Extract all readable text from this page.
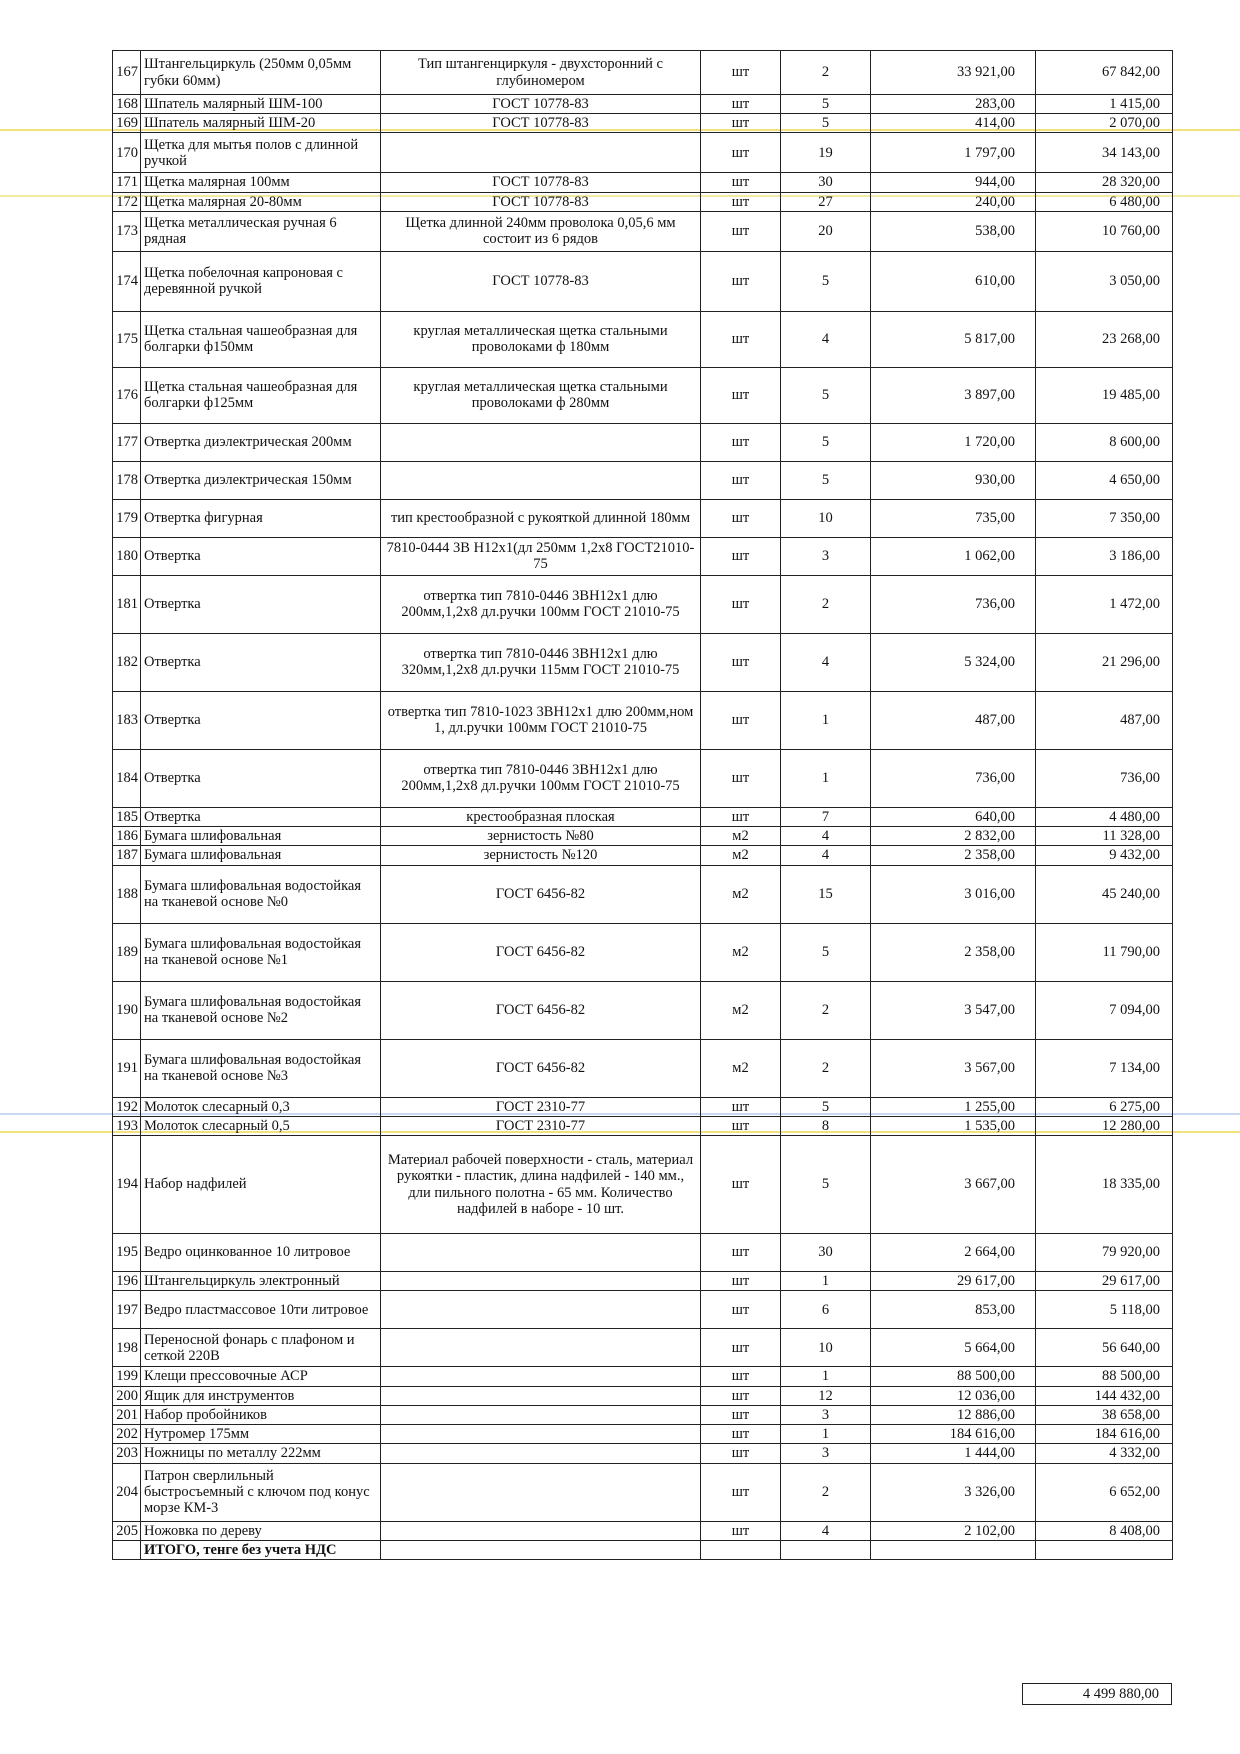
167	Штангельциркуль (250мм 0,05мм губки 60мм)	Тип штангенциркуля - двухсторонний с глубиномером	шт	2	33 921,00	67 842,00
168	Шпатель малярный ШМ-100	ГОСТ 10778-83	шт	5	283,00	1 415,00
169	Шпатель малярный ШМ-20	ГОСТ 10778-83	шт	5	414,00	2 070,00
170	Щетка для мытья полов с длинной ручкой		шт	19	1 797,00	34 143,00
171	Щетка малярная 100мм	ГОСТ 10778-83	шт	30	944,00	28 320,00
172	Щетка малярная 20-80мм	ГОСТ 10778-83	шт	27	240,00	6 480,00
173	Щетка металлическая ручная 6 рядная	Щетка длинной 240мм проволока 0,05,6 мм состоит из 6 рядов	шт	20	538,00	10 760,00
174	Щетка побелочная капроновая с деревянной ручкой	ГОСТ 10778-83	шт	5	610,00	3 050,00
175	Щетка стальная чашеобразная для болгарки ф150мм	круглая металлическая щетка стальными проволоками ф 180мм	шт	4	5 817,00	23 268,00
176	Щетка стальная чашеобразная для болгарки ф125мм	круглая металлическая щетка стальными проволоками ф 280мм	шт	5	3 897,00	19 485,00
177	Отвертка диэлектрическая 200мм		шт	5	1 720,00	8 600,00
178	Отвертка диэлектрическая 150мм		шт	5	930,00	4 650,00
179	Отвертка фигурная	тип крестообразной с рукояткой длинной 180мм	шт	10	735,00	7 350,00
180	Отвертка	7810-0444 3В Н12х1(дл 250мм 1,2х8 ГОСТ21010-75	шт	3	1 062,00	3 186,00
181	Отвертка	отвертка тип 7810-0446 3ВН12х1 длю 200мм,1,2х8 дл.ручки 100мм ГОСТ 21010-75	шт	2	736,00	1 472,00
182	Отвертка	отвертка тип 7810-0446 3ВН12х1 длю 320мм,1,2х8 дл.ручки 115мм ГОСТ 21010-75	шт	4	5 324,00	21 296,00
183	Отвертка	отвертка тип 7810-1023 3ВН12х1 длю 200мм,ном 1, дл.ручки 100мм ГОСТ 21010-75	шт	1	487,00	487,00
184	Отвертка	отвертка тип 7810-0446 3ВН12х1 длю 200мм,1,2х8 дл.ручки 100мм ГОСТ 21010-75	шт	1	736,00	736,00
185	Отвертка	крестообразная плоская	шт	7	640,00	4 480,00
186	Бумага шлифовальная	зернистость №80	м2	4	2 832,00	11 328,00
187	Бумага шлифовальная	зернистость №120	м2	4	2 358,00	9 432,00
188	Бумага шлифовальная водостойкая на тканевой основе №0	ГОСТ 6456-82	м2	15	3 016,00	45 240,00
189	Бумага шлифовальная водостойкая на тканевой основе №1	ГОСТ 6456-82	м2	5	2 358,00	11 790,00
190	Бумага шлифовальная водостойкая на тканевой основе №2	ГОСТ 6456-82	м2	2	3 547,00	7 094,00
191	Бумага шлифовальная водостойкая на тканевой основе №3	ГОСТ 6456-82	м2	2	3 567,00	7 134,00
192	Молоток слесарный 0,3	ГОСТ 2310-77	шт	5	1 255,00	6 275,00
193	Молоток слесарный 0,5	ГОСТ 2310-77	шт	8	1 535,00	12 280,00
194	Набор надфилей	Материал рабочей поверхности - сталь, материал рукоятки - пластик, длина надфилей - 140 мм., дли пильного полотна - 65 мм. Количество надфилей в наборе - 10 шт.	шт	5	3 667,00	18 335,00
195	Ведро оцинкованное 10 литровое		шт	30	2 664,00	79 920,00
196	Штангельциркуль электронный		шт	1	29 617,00	29 617,00
197	Ведро пластмассовое 10ти литровое		шт	6	853,00	5 118,00
198	Переносной фонарь с плафоном и сеткой 220В		шт	10	5 664,00	56 640,00
199	Клещи прессовочные АСР		шт	1	88 500,00	88 500,00
200	Ящик для инструментов		шт	12	12 036,00	144 432,00
201	Набор пробойников		шт	3	12 886,00	38 658,00
202	Нутромер 175мм		шт	1	184 616,00	184 616,00
203	Ножницы по металлу 222мм		шт	3	1 444,00	4 332,00
204	Патрон сверлильный быстросъемный с ключом под конус морзе КМ-3		шт	2	3 326,00	6 652,00
205	Ножовка по дереву		шт	4	2 102,00	8 408,00
	ИТОГО, тенге без учета НДС					
4 499 880,00
